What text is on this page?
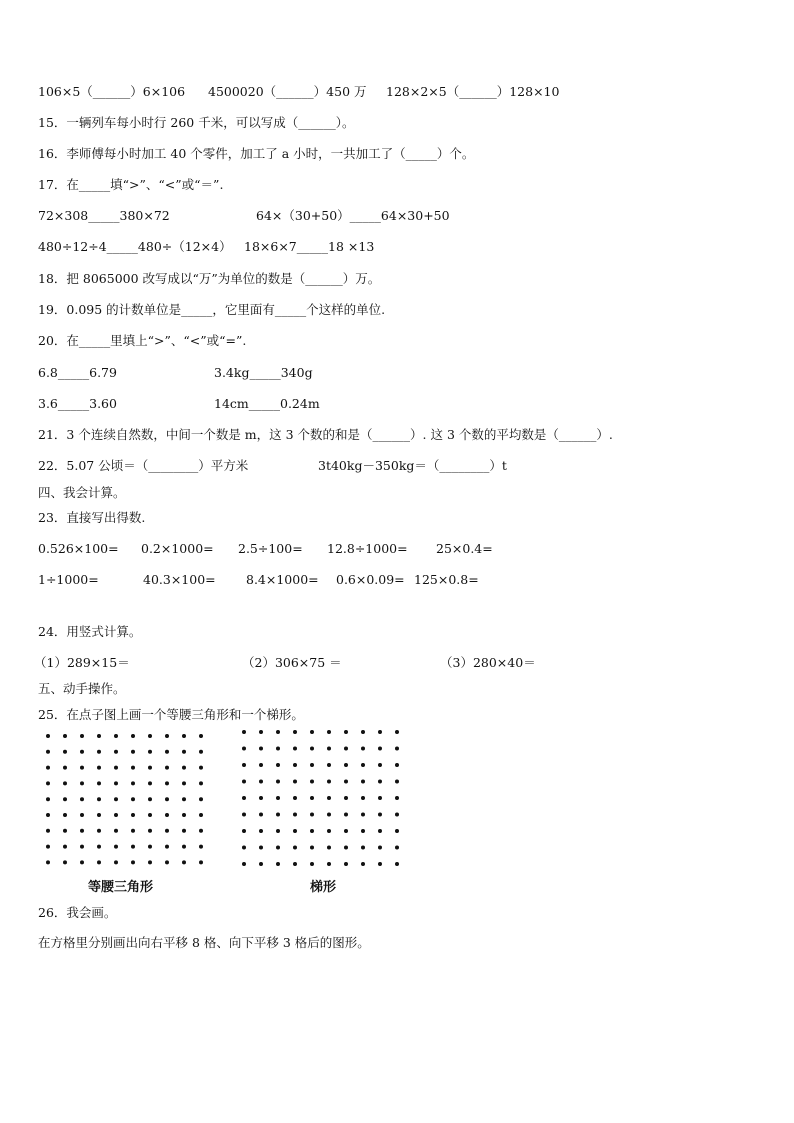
106×5（______）6×106 4500020（______）450 万 128×2×5（______）128×10
15．一辆列车每小时行 260 千米，可以写成（______）。
16．李师傅每小时加工 40 个零件，加工了 a 小时，一共加工了（_____）个。
17．在_____填“>”、“<”或“＝”.
72×308_____380×72	64×（30+50）_____64×30+50
480÷12÷4_____480÷（12×4） 18×6×7_____18 ×13
18．把 8065000 改写成以“万”为单位的数是（______）万。
19．0.095 的计数单位是_____，它里面有_____个这样的单位.
20．在_____里填上“>”、“<”或“=”.
6.8_____6.79	3.4kg_____340g
3.6_____3.60	14cm_____0.24m
21．3 个连续自然数，中间一个数是 m，这 3 个数的和是（______）. 这 3 个数的平均数是（______）.
22．5.07 公顷＝（________）平方米	3t40kg－350kg＝（________）t
四、我会计算。
23．直接写出得数.
0.526×100= 0.2×1000= 2.5÷100= 12.8÷1000= 25×0.4=
1÷1000=	40.3×100= 8.4×1000= 0.6×0.09= 125×0.8=
24．用竖式计算。
（1）289×15＝	（2）306×75 ＝	（3）280×40＝
五、动手操作。
25．在点子图上画一个等腰三角形和一个梯形。
等腰三角形	梯形
26．我会画。
在方格里分别画出向右平移 8 格、向下平移 3 格后的图形。
